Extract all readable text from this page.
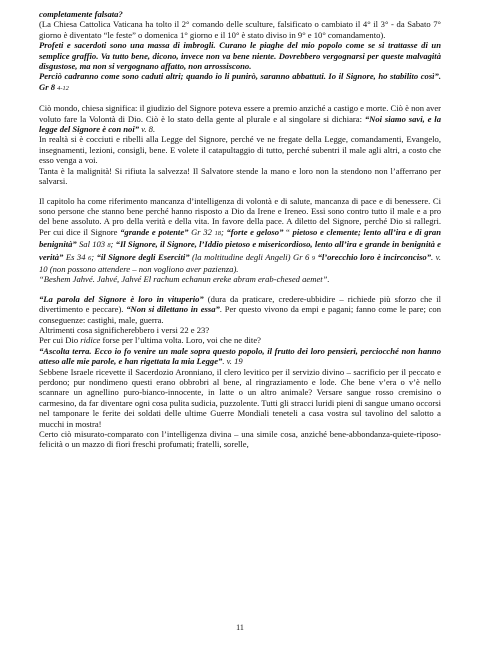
completamente falsata?

(La Chiesa Cattolica Vaticana ha tolto il 2° comando delle sculture, falsificato o cambiato il 4° il 3° - da Sabato 7° giorno è diventato “le feste” o domenica 1° giorno e il 10° è stato diviso in 9° e 10° comandamento).

Profeti e sacerdoti sono una massa di imbrogli. Curano le piaghe del mio popolo come se si trattasse di un semplice graffio. Va tutto bene, dicono, invece non va bene niente. Dovrebbero vergognarsi per queste malvagità disgustose, ma non si vergognano affatto, non arrossiscono.

Perciò cadranno come sono caduti altri; quando io li punirò, saranno abbattuti. Io il Signore, ho stabilito così”. Gr 8 4-12

Ciò mondo, chiesa significa: il giudizio del Signore poteva essere a premio anziché a castigo e morte. Ciò è non aver voluto fare la Volontà di Dio. Ciò è lo stato della gente al plurale e al singolare si dichiara: “Noi siamo savi, e la legge del Signore è con noi” v. 8.

In realtà si è cocciuti e ribelli alla Legge del Signore, perché ve ne fregate della Legge, comandamenti, Evangelo, insegnamenti, lezioni, consigli, bene. E volete il catapultaggio di tutto, perché subentri il male agli altri, a costo che esso venga a voi.

Tanta è la malignità! Si rifiuta la salvezza! Il Salvatore stende la mano e loro non la stendono non l’afferrano per salvarsi.

Il capitolo ha come riferimento mancanza d’intelligenza di volontà e di salute, mancanza di pace e di benessere. Ci sono persone che stanno bene perché hanno risposto a Dio da Irene e Ireneo. Essi sono contro tutto il male e a pro del bene assoluto. A pro della verità e della vita. In favore della pace. A diletto del Signore, perché Dio si rallegri. Per cui dice il Signore “grande e potente” Gr 32 18; “forte e geloso” “ pietoso e clemente; lento all’ira e di gran benignità” Sal 103 8; “Il Signore, il Signore, l’Iddio pietoso e misericordioso, lento all’ira e grande in benignità e verità” Es 34 6; “il Signore degli Eserciti” (la moltitudine degli Angeli) Gr 6 9 “l’orecchio loro è incirconciso”. v. 10 (non possono attendere – non vogliono aver pazienza).

“Beshem Jahvé. Jahvé, Jahvé El rachum echanun ereke abram erab-chesed aemet”.

“La parola del Signore è loro in vituperio” (dura da praticare, credere-ubbidire – richiede più sforzo che il divertimento e peccare). “Non si dilettano in essa”. Per questo vivono da empi e pagani; fanno come le pare; con conseguenze: castighi, male, guerra.

Altrimenti cosa significherebbero i versi 22 e 23?

Per cui Dio ridice forse per l’ultima volta. Loro, voi che ne dite?

“Ascolta terra. Ecco io fo venire un male sopra questo popolo, il frutto dei loro pensieri, perciocché non hanno atteso alle mie parole, e han rigettata la mia Legge”. v. 19

Sebbene Israele ricevette il Sacerdozio Aronniano, il clero levitico per il servizio divino – sacrificio per il peccato e perdono; pur nondimeno questi erano obbrobri al bene, al ringraziamento e lode. Che bene v’era o v’è nello scannare un agnellino puro-bianco-innocente, in latte o un altro animale? Versare sangue rosso cremisino o carmesino, da far diventare ogni cosa pulita sudicia, puzzolente. Tutti gli stracci luridi pieni di sangue umano occorsi nel tamponare le ferite dei soldati delle ultime Guerre Mondiali teneteli a casa vostra sul tavolino del salotto a mucchi in mostra!

Certo ciò misurato-comparato con l’intelligenza divina – una simile cosa, anziché bene-abbondanza-quiete-riposo-felicità o un mazzo di fiori freschi profumati; fratelli, sorelle,

11
